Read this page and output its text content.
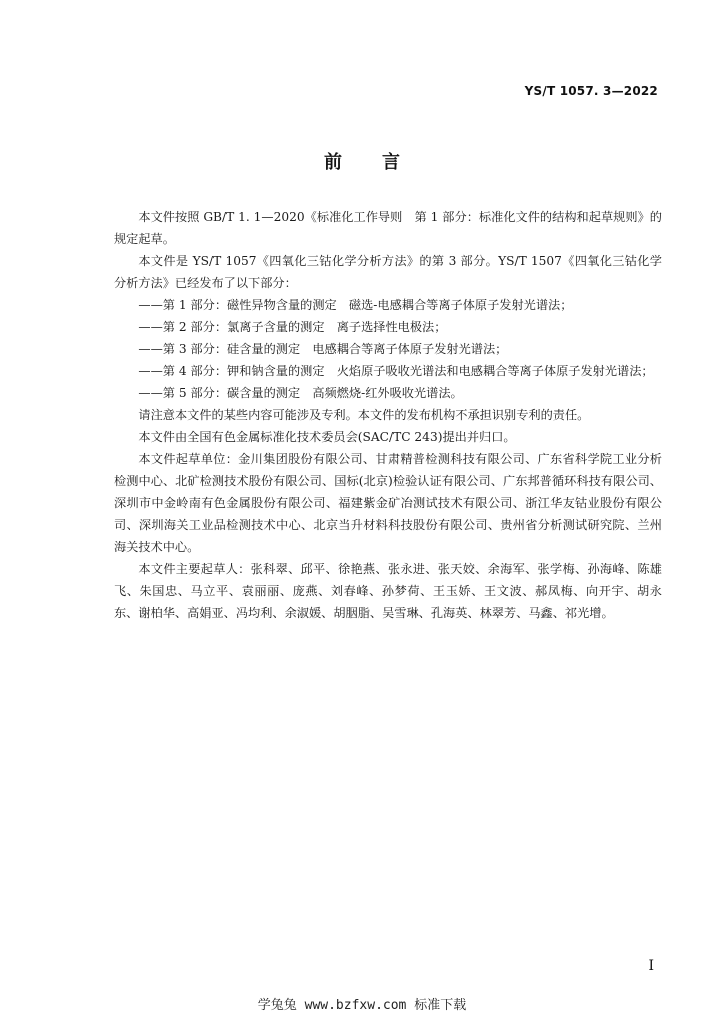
YS/T 1057. 3—2022
前 言

本文件按照 GB/T 1. 1—2020《标准化工作导则　第 1 部分：标准化文件的结构和起草规则》的规定起草。

本文件是 YS/T 1057《四氧化三钴化学分析方法》的第 3 部分。YS/T 1507《四氧化三钴化学分析方法》已经发布了以下部分：

——第 1 部分：磁性异物含量的测定　磁选-电感耦合等离子体原子发射光谱法；

——第 2 部分：氯离子含量的测定　离子选择性电极法；

——第 3 部分：硅含量的测定　电感耦合等离子体原子发射光谱法；

——第 4 部分：钾和钠含量的测定　火焰原子吸收光谱法和电感耦合等离子体原子发射光谱法；

——第 5 部分：碳含量的测定　高频燃烧-红外吸收光谱法。

请注意本文件的某些内容可能涉及专利。本文件的发布机构不承担识别专利的责任。

本文件由全国有色金属标准化技术委员会(SAC/TC 243)提出并归口。

本文件起草单位：金川集团股份有限公司、甘肃精普检测科技有限公司、广东省科学院工业分析检测中心、北矿检测技术股份有限公司、国标(北京)检验认证有限公司、广东邦普循环科技有限公司、深圳市中金岭南有色金属股份有限公司、福建紫金矿冶测试技术有限公司、浙江华友钴业股份有限公司、深圳海关工业品检测技术中心、北京当升材料科技股份有限公司、贵州省分析测试研究院、兰州海关技术中心。

本文件主要起草人：张科翠、邱平、徐艳燕、张永进、张天姣、余海军、张学梅、孙海峰、陈雄飞、朱国忠、马立平、袁丽丽、庞燕、刘春峰、孙梦荷、王玉娇、王文波、郝凤梅、向开宇、胡永东、谢柏华、高娟亚、冯均利、余淑媛、胡胭脂、吴雪琳、孔海英、林翠芳、马鑫、祁光增。

I
学兔兔 www.bzfxw.com 标准下载
